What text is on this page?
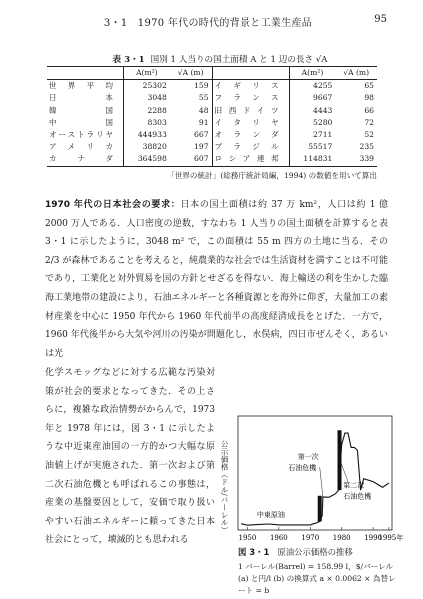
3・1　1970 年代の時代的背景と工業生産品	95
表 3・1 国別 1 人当りの国土面積 A と 1 辺の長さ √A
	A(m²)	√A (m)		A(m²)	√A (m)
世界平均	25302	159	イギリス	4255	65
日本	3048	55	フランス	9667	98
韓国	2288	48	旧西ドイツ	4443	66
中国	8303	91	イタリヤ	5280	72
オーストラリヤ	444933	667	オランダ	2711	52
アメリカ	38820	197	ブラジル	55517	235
カナダ	364598	607	ロシア連邦	114831	339
「世界の統計」(総務庁統計局編，1994) の数値を用いて算出
1970 年代の日本社会の要求：日本の国土面積は約 37 万 km²，人口は約 1 億 2000 万人である．人口密度の逆数，すなわち 1 人当りの国土面積を計算すると表 3・1 に示したように，3048 m² で，この面積は 55 m 四方の土地に当る．その 2/3 が森林であることを考えると，純農業的な社会では生活資材を満すことは不可能であり，工業化と対外貿易を国の方針とせざるを得ない．海上輸送の利を生かした臨海工業地帯の建設により，石油エネルギーと各種資源とを海外に仰ぎ，大量加工の素材産業を中心に 1950 年代から 1960 年代前半の高度経済成長をとげた．一方で，1960 年代後半から大気や河川の汚染が問題化し，水俣病，四日市ぜんそく，あるいは光
化学スモッグなどに対する広範な汚染対策が社会的要求となってきた．その上さらに，複雑な政治情勢がからんで，1973 年と 1978 年には，図 3・1 に示したような中近東産油国の一方的かつ大幅な原油値上げが実施された．第一次および第二次石油危機とも呼ばれるこの事態は，産業の基盤要因として，安価で取り扱いやすい石油エネルギーに頼ってきた日本社会にとって，壊滅的とも思われる
公示価格（ドル/バーレル）
1950 1960 1970 1980 1990
1995年
第一次
石油危機
第二次
石油危機
中東原油
図 3・1 原油公示価格の推移
1 バーレル(Barrel) = 158.99 l，$/バーレル (a) と円/l (b) の換算式 a × 0.0062 × 為替レート = b
